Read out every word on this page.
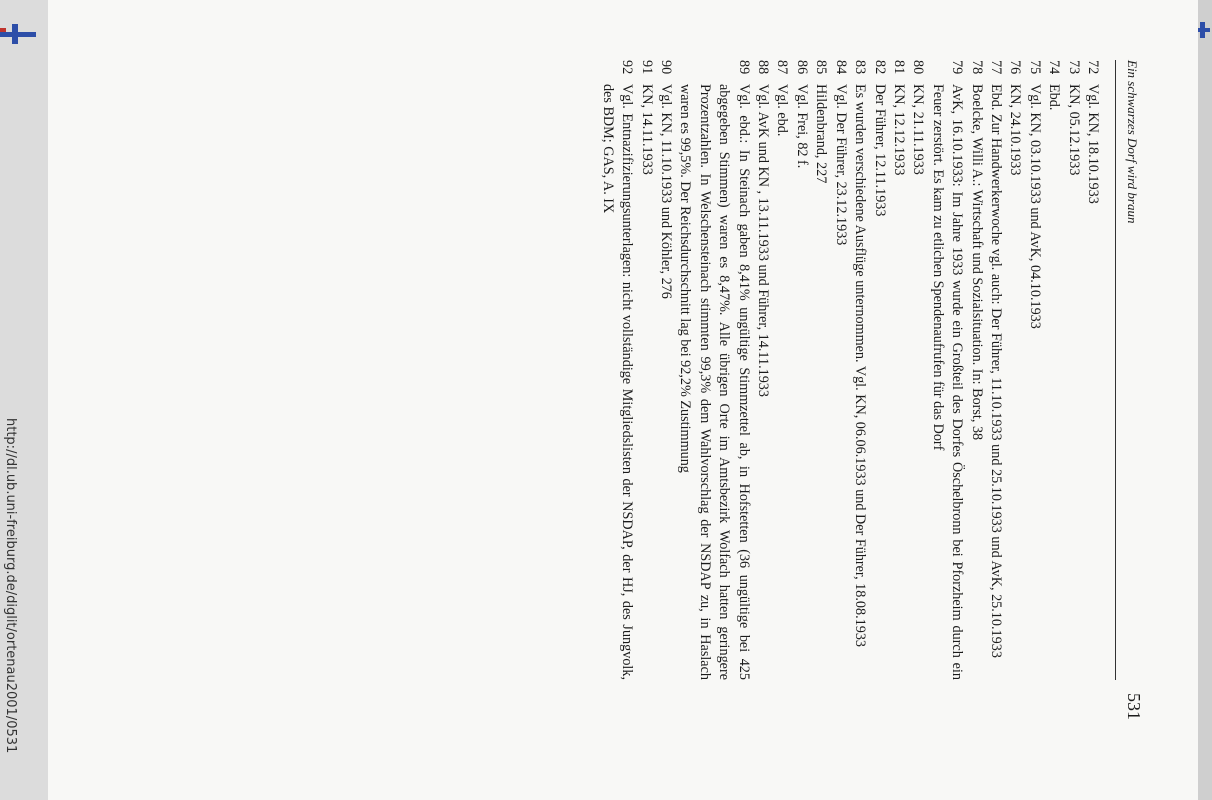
http://dl.ub.uni-freiburg.de/diglit/ortenau2001/0531
Ein schwarzes Dorf wird braun
531
72
Vgl. KN, 18.10.1933
73
KN, 05.12.1933
74
Ebd.
75
Vgl. KN, 03.10.1933 und AvK, 04.10.1933
76
KN, 24.10.1933
77
Ebd. Zur Handwerkerwoche vgl. auch: Der Führer, 11.10.1933 und 25.10.1933 und AvK, 25.10.1933
78
Boelcke, Willi A.: Wirtschaft und Sozialsituation. In: Borst, 38
79
AvK, 16.10.1933: Im Jahre 1933 wurde ein Großteil des Dorfes Öschelbronn bei Pforzheim durch ein Feuer zerstört. Es kam zu etlichen Spendenaufrufen für das Dorf
80
KN, 21.11.1933
81
KN, 12.12.1933
82
Der Führer, 12.11.1933
83
Es wurden verschiedene Ausflüge unternommen. Vgl. KN, 06.06.1933 und Der Führer, 18.08.1933
84
Vgl. Der Führer, 23.12.1933
85
Hildenbrand, 227
86
Vgl. Frei, 82 f.
87
Vgl. ebd.
88
Vgl. AvK und KN , 13.11.1933 und Führer, 14.11.1933
89
Vgl. ebd.: In Steinach gaben 8,41% ungültige Stimmzettel ab, in Hofstetten (36 ungültige bei 425 abgegeben Stimmen) waren es 8,47%. Alle übrigen Orte im Amtsbezirk Wolfach hatten geringere Prozentzahlen. In Welschensteinach stimmten 99,3% dem Wahlvorschlag der NSDAP zu, in Haslach waren es 99,5%. Der Reichsdurchschnitt lag bei 92,2% Zustimmung
90
Vgl. KN, 11.10.1933 und Köhler, 276
91
KN, 14.11.1933
92
Vgl. Entnazifizierungsunterlagen: nicht vollständige Mitgliedslisten der NSDAP, der HJ, des Jungvolk, des BDM; GAS, A. IX
